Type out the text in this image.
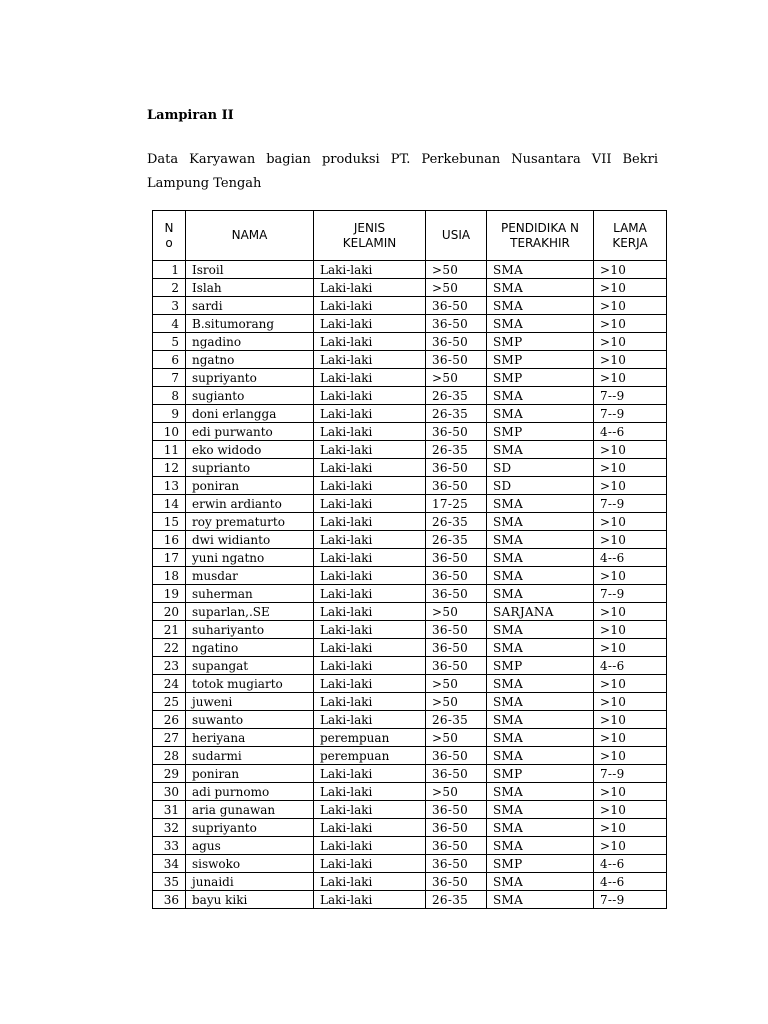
Lampiran II

Data Karyawan bagian produksi PT. Perkebunan Nusantara VII Bekri Lampung Tengah

N o	NAMA	JENIS KELAMIN	USIA	PENDIDIKA N TERAKHIR	LAMA KERJA
1	Isroil	Laki-laki	>50	SMA	>10
2	Islah	Laki-laki	>50	SMA	>10
3	sardi	Laki-laki	36-50	SMA	>10
4	B.situmorang	Laki-laki	36-50	SMA	>10
5	ngadino	Laki-laki	36-50	SMP	>10
6	ngatno	Laki-laki	36-50	SMP	>10
7	supriyanto	Laki-laki	>50	SMP	>10
8	sugianto	Laki-laki	26-35	SMA	7--9
9	doni erlangga	Laki-laki	26-35	SMA	7--9
10	edi purwanto	Laki-laki	36-50	SMP	4--6
11	eko widodo	Laki-laki	26-35	SMA	>10
12	suprianto	Laki-laki	36-50	SD	>10
13	poniran	Laki-laki	36-50	SD	>10
14	erwin ardianto	Laki-laki	17-25	SMA	7--9
15	roy prematurto	Laki-laki	26-35	SMA	>10
16	dwi widianto	Laki-laki	26-35	SMA	>10
17	yuni ngatno	Laki-laki	36-50	SMA	4--6
18	musdar	Laki-laki	36-50	SMA	>10
19	suherman	Laki-laki	36-50	SMA	7--9
20	suparlan,.SE	Laki-laki	>50	SARJANA	>10
21	suhariyanto	Laki-laki	36-50	SMA	>10
22	ngatino	Laki-laki	36-50	SMA	>10
23	supangat	Laki-laki	36-50	SMP	4--6
24	totok mugiarto	Laki-laki	>50	SMA	>10
25	juweni	Laki-laki	>50	SMA	>10
26	suwanto	Laki-laki	26-35	SMA	>10
27	heriyana	perempuan	>50	SMA	>10
28	sudarmi	perempuan	36-50	SMA	>10
29	poniran	Laki-laki	36-50	SMP	7--9
30	adi purnomo	Laki-laki	>50	SMA	>10
31	aria gunawan	Laki-laki	36-50	SMA	>10
32	supriyanto	Laki-laki	36-50	SMA	>10
33	agus	Laki-laki	36-50	SMA	>10
34	siswoko	Laki-laki	36-50	SMP	4--6
35	junaidi	Laki-laki	36-50	SMA	4--6
36	bayu kiki	Laki-laki	26-35	SMA	7--9
